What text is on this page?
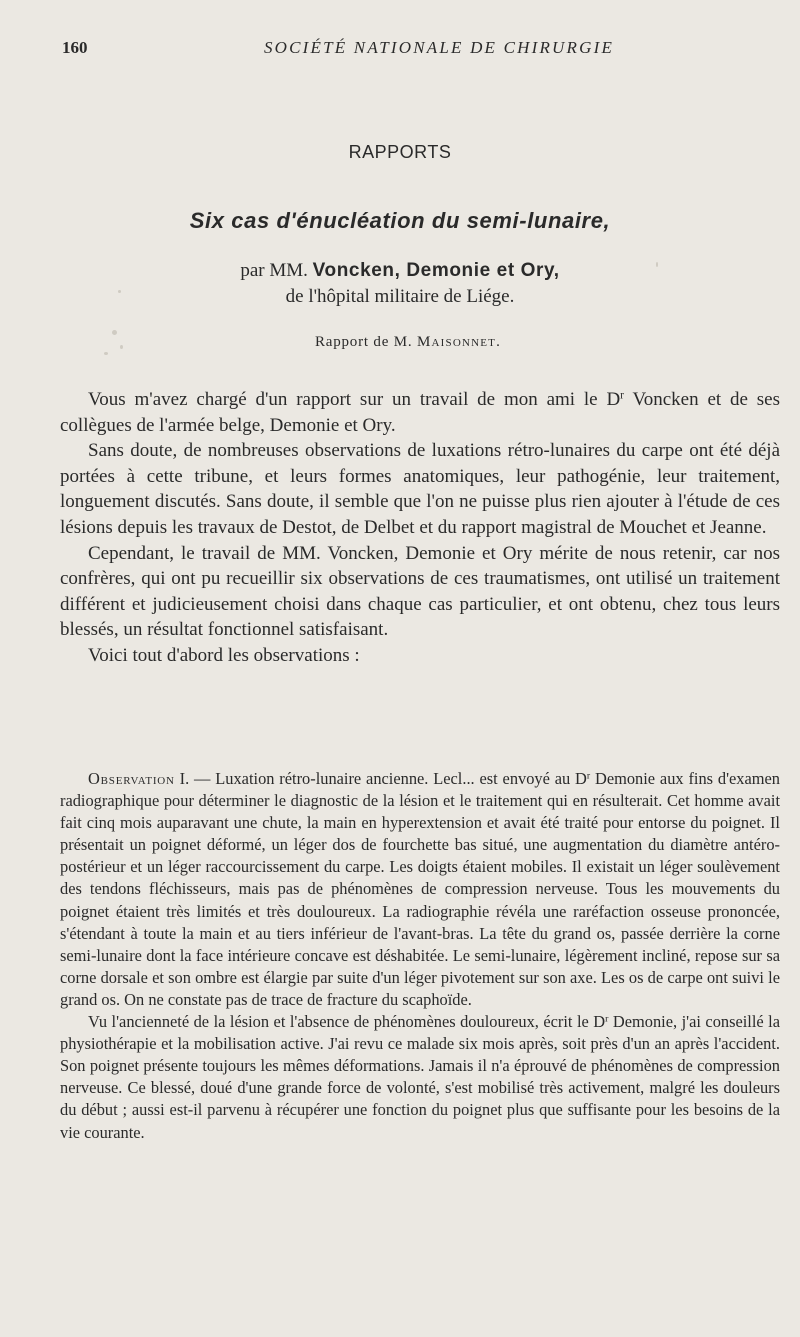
160	SOCIÉTÉ NATIONALE DE CHIRURGIE
RAPPORTS
Six cas d'énucléation du semi-lunaire,
par MM. Voncken, Demonie et Ory,
de l'hôpital militaire de Liége.
Rapport de M. Maisonnet.

Vous m'avez chargé d'un rapport sur un travail de mon ami le $D^r$ Voncken et de ses collègues de l'armée belge, Demonie et Ory.

Sans doute, de nombreuses observations de luxations rétro-lunaires du carpe ont été déjà portées à cette tribune, et leurs formes anatomiques, leur pathogénie, leur traitement, longuement discutés. Sans doute, il semble que l'on ne puisse plus rien ajouter à l'étude de ces lésions depuis les travaux de Destot, de Delbet et du rapport magistral de Mouchet et Jeanne.

Cependant, le travail de MM. Voncken, Demonie et Ory mérite de nous retenir, car nos confrères, qui ont pu recueillir six observations de ces traumatismes, ont utilisé un traitement différent et judicieusement choisi dans chaque cas particulier, et ont obtenu, chez tous leurs blessés, un résultat fonctionnel satisfaisant.

Voici tout d'abord les observations :

Observation I. — Luxation rétro-lunaire ancienne. Lecl... est envoyé au $D^r$ Demonie aux fins d'examen radiographique pour déterminer le diagnostic de la lésion et le traitement qui en résulterait. Cet homme avait fait cinq mois auparavant une chute, la main en hyperextension et avait été traité pour entorse du poignet. Il présentait un poignet déformé, un léger dos de fourchette bas situé, une augmentation du diamètre antéro-postérieur et un léger raccourcissement du carpe. Les doigts étaient mobiles. Il existait un léger soulèvement des tendons fléchisseurs, mais pas de phénomènes de compression nerveuse. Tous les mouvements du poignet étaient très limités et très douloureux. La radiographie révéla une raréfaction osseuse prononcée, s'étendant à toute la main et au tiers inférieur de l'avant-bras. La tête du grand os, passée derrière la corne semi-lunaire dont la face intérieure concave est déshabitée. Le semi-lunaire, légèrement incliné, repose sur sa corne dorsale et son ombre est élargie par suite d'un léger pivotement sur son axe. Les os de carpe ont suivi le grand os. On ne constate pas de trace de fracture du scaphoïde.

Vu l'ancienneté de la lésion et l'absence de phénomènes douloureux, écrit le $D^r$ Demonie, j'ai conseillé la physiothérapie et la mobilisation active. J'ai revu ce malade six mois après, soit près d'un an après l'accident. Son poignet présente toujours les mêmes déformations. Jamais il n'a éprouvé de phénomènes de compression nerveuse. Ce blessé, doué d'une grande force de volonté, s'est mobilisé très activement, malgré les douleurs du début ; aussi est-il parvenu à récupérer une fonction du poignet plus que suffisante pour les besoins de la vie courante.
